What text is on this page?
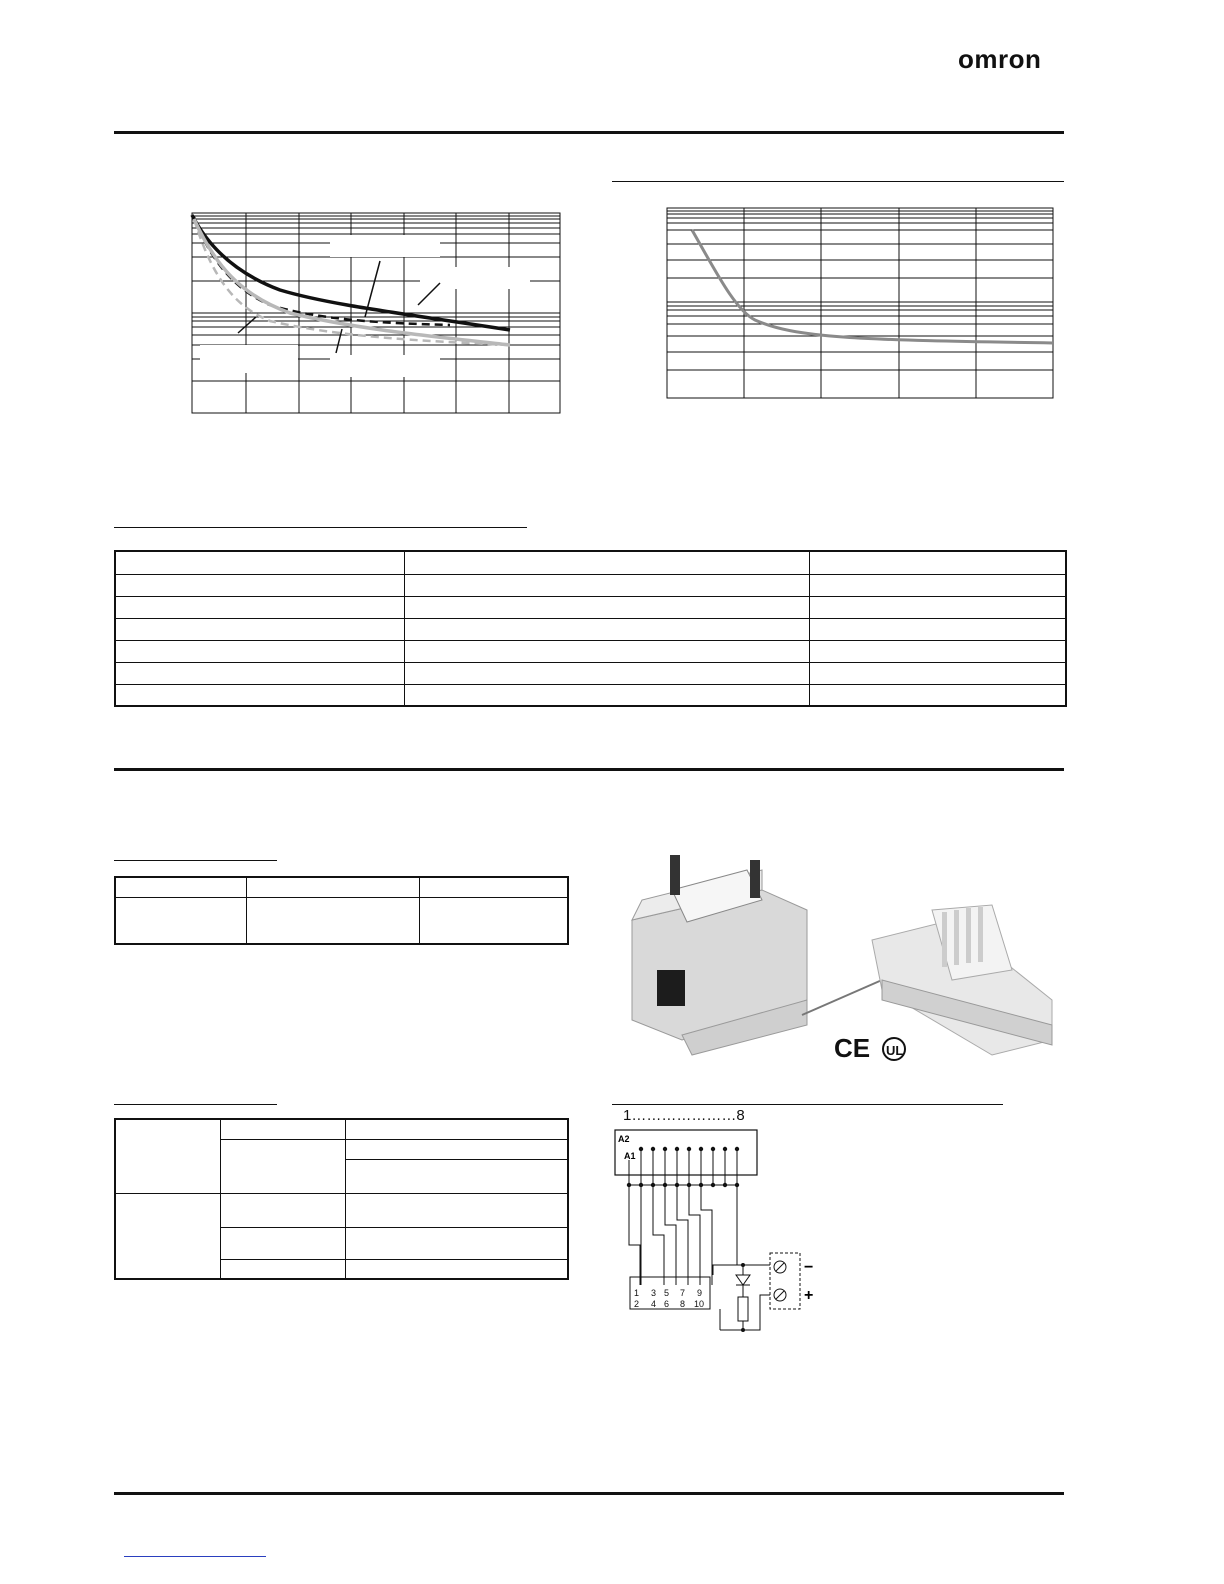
omron

CE UL

1…………………8
A2
A1
1 3 5 7 9
2 4 6 8 10
−
+
